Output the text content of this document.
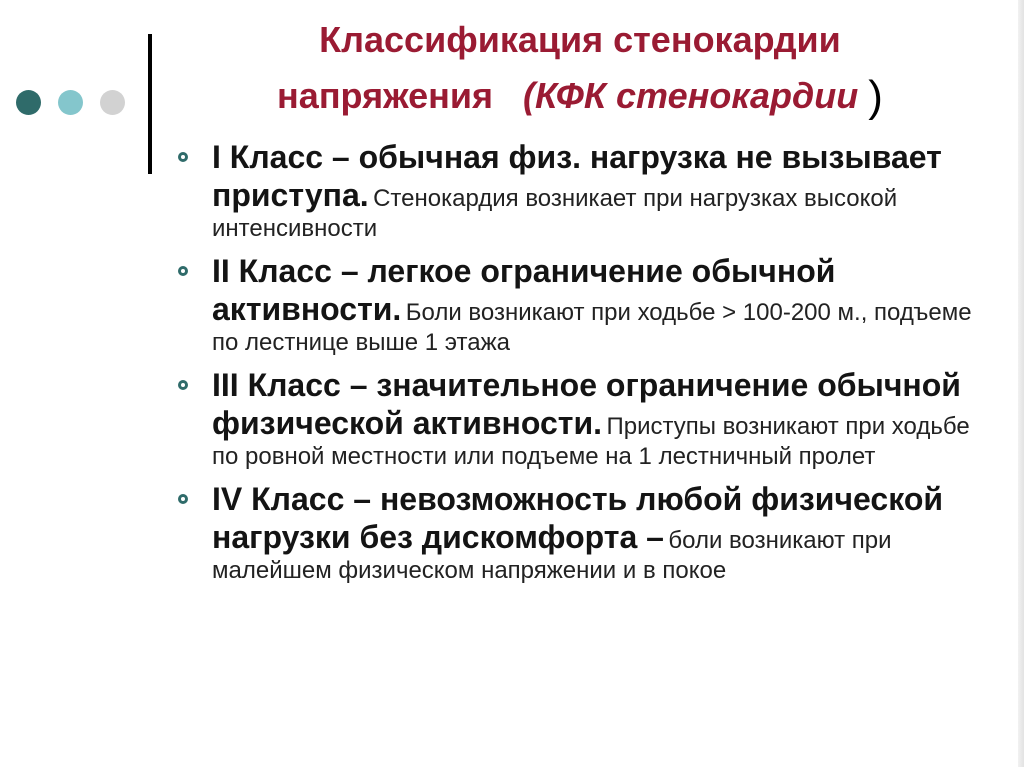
Классификация стенокардии
напряжения (КФК стенокардии )
I Класс – обычная физ. нагрузка не вызывает приступа. Стенокардия возникает при нагрузках высокой интенсивности
II Класс – легкое ограничение обычной активности. Боли возникают при ходьбе > 100-200 м., подъеме по лестнице выше 1 этажа
III Класс – значительное ограничение обычной физической активности. Приступы возникают при ходьбе по ровной местности или подъеме на 1 лестничный пролет
IV Класс – невозможность любой физической нагрузки без дискомфорта – боли возникают при малейшем физическом напряжении и в покое
